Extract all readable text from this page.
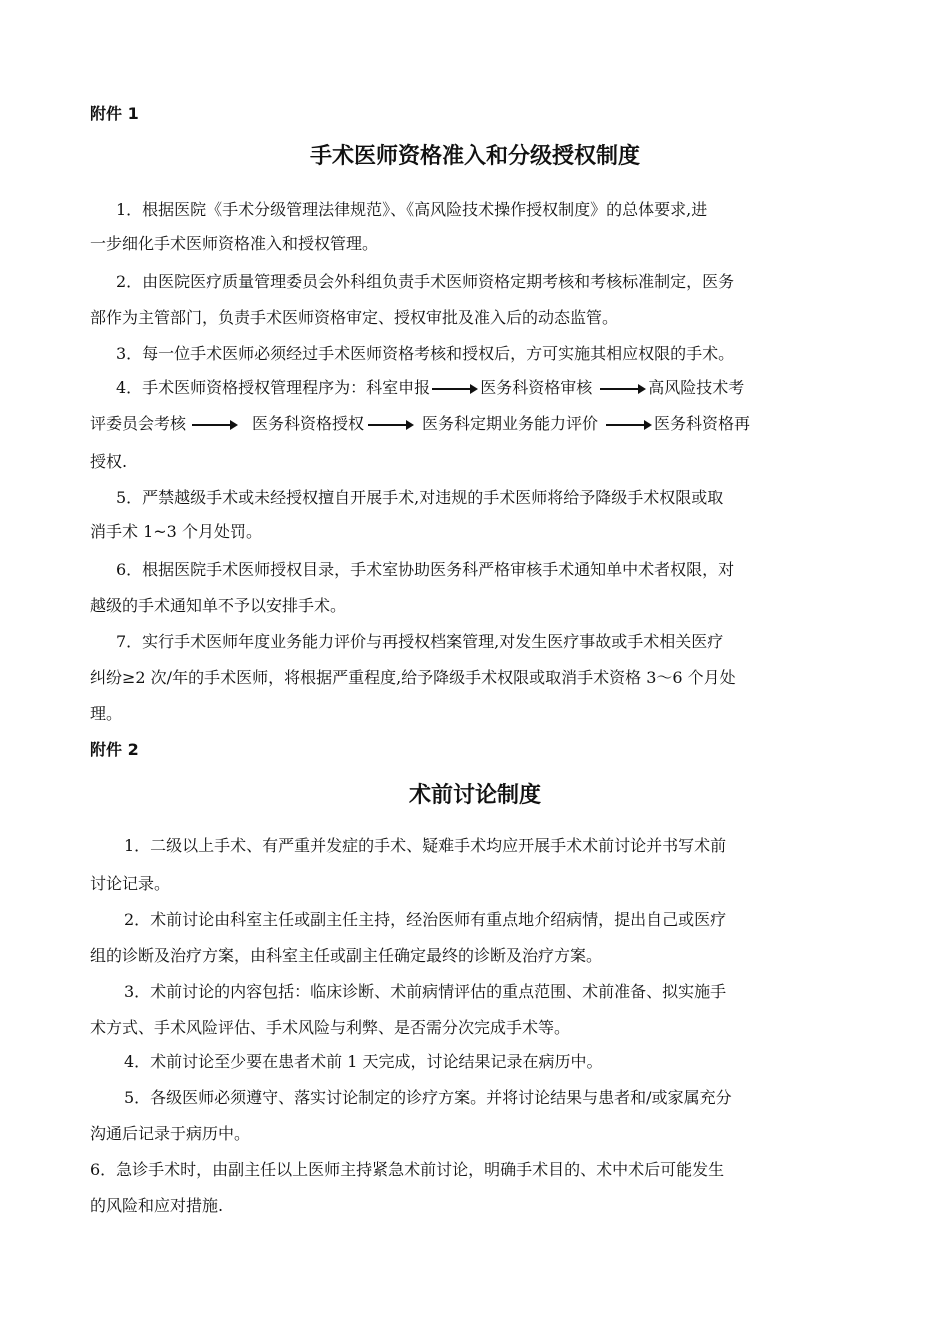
附件 1
手术医师资格准入和分级授权制度
1．根据医院《手术分级管理法律规范》、《高风险技术操作授权制度》的总体要求,进
一步细化手术医师资格准入和授权管理。
2．由医院医疗质量管理委员会外科组负责手术医师资格定期考核和考核标准制定，医务
部作为主管部门，负责手术医师资格审定、授权审批及准入后的动态监管。
3．每一位手术医师必须经过手术医师资格考核和授权后，方可实施其相应权限的手术。
4．手术医师资格授权管理程序为：科室申报	医务科资格审核	高风险技术考
评委员会考核	医务科资格授权	医务科定期业务能力评价	医务科资格再
授权.
5．严禁越级手术或未经授权擅自开展手术,对违规的手术医师将给予降级手术权限或取
消手术 1~3 个月处罚。
6．根据医院手术医师授权目录，手术室协助医务科严格审核手术通知单中术者权限，对
越级的手术通知单不予以安排手术。
7．实行手术医师年度业务能力评价与再授权档案管理,对发生医疗事故或手术相关医疗
纠纷≥2 次/年的手术医师，将根据严重程度,给予降级手术权限或取消手术资格 3～6 个月处
理。
附件 2
术前讨论制度
1．二级以上手术、有严重并发症的手术、疑难手术均应开展手术术前讨论并书写术前
讨论记录。
2．术前讨论由科室主任或副主任主持，经治医师有重点地介绍病情，提出自己或医疗
组的诊断及治疗方案，由科室主任或副主任确定最终的诊断及治疗方案。
3．术前讨论的内容包括：临床诊断、术前病情评估的重点范围、术前准备、拟实施手
术方式、手术风险评估、手术风险与利弊、是否需分次完成手术等。
4．术前讨论至少要在患者术前 1 天完成，讨论结果记录在病历中。
5．各级医师必须遵守、落实讨论制定的诊疗方案。并将讨论结果与患者和/或家属充分
沟通后记录于病历中。
6．急诊手术时，由副主任以上医师主持紧急术前讨论，明确手术目的、术中术后可能发生
的风险和应对措施.
